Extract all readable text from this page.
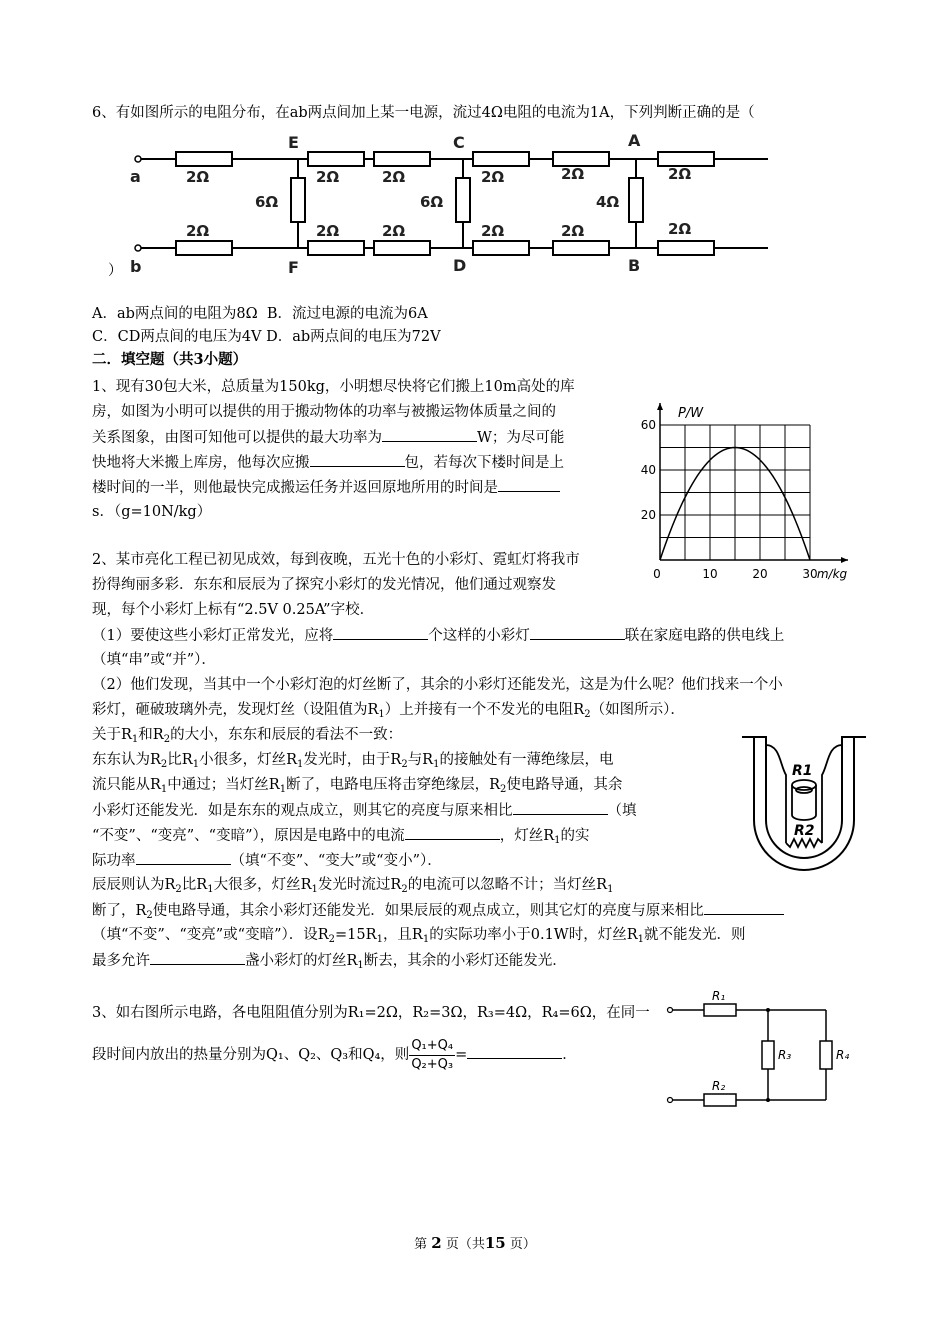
6、有如图所示的电阻分布，在ab两点间加上某一电源，流过4Ω电阻的电流为1A，下列判断正确的是（
a
b
E
F
C
D
A
B
2Ω	2Ω	2Ω	2Ω	2Ω	2Ω
2Ω	2Ω	2Ω	2Ω	2Ω	2Ω
6Ω	6Ω	4Ω
）
A．ab两点间的电阻为8Ω B．流过电源的电流为6A
C．CD两点间的电压为4V D．ab两点间的电压为72V
二．填空题（共3小题）
1、现有30包大米，总质量为150kg，小明想尽快将它们搬上10m高处的库
房，如图为小明可以提供的用于搬动物体的功率与被搬运物体质量之间的
关系图象，由图可知他可以提供的最大功率为	W；为尽可能
快地将大米搬上库房，他每次应搬	包，若每次下楼时间是上
楼时间的一半，则他最快完成搬运任务并返回原地所用的时间是
s．（g=10N/kg）
0	10	20	30
20
40
60
m/kg
P/W
2、某市亮化工程已初见成效，每到夜晚，五光十色的小彩灯、霓虹灯将我市
扮得绚丽多彩．东东和辰辰为了探究小彩灯的发光情况，他们通过观察发
现，每个小彩灯上标有“2.5V 0.25A”字校．
（1）要使这些小彩灯正常发光，应将	个这样的小彩灯	联在家庭电路的供电线上
（填“串”或“并”）．
（2）他们发现，当其中一个小彩灯泡的灯丝断了，其余的小彩灯还能发光，这是为什么呢？他们找来一个小
彩灯，砸破玻璃外壳，发现灯丝（设阻值为$R_1$）上并接有一个不发光的电阻$R_2$（如图所示）．
关于$R_1$和$R_2$的大小，东东和辰辰的看法不一致：
东东认为$R_2$比$R_1$小很多，灯丝$R_1$发光时，由于$R_2$与$R_1$的接触处有一薄绝缘层，电
流只能从$R_1$中通过；当灯丝$R_1$断了，电路电压将击穿绝缘层，$R_2$使电路导通，其余
小彩灯还能发光．如是东东的观点成立，则其它的亮度与原来相比	（填
“不变”、“变亮”、“变暗”），原因是电路中的电流	，灯丝$R_1$的实
际功率	（填“不变”、“变大”或“变小”）．
辰辰则认为$R_2$比$R_1$大很多，灯丝$R_1$发光时流过$R_2$的电流可以忽略不计；当灯丝$R_1$
断了，$R_2$使电路导通，其余小彩灯还能发光．如果辰辰的观点成立，则其它灯的亮度与原来相比
（填“不变”、“变亮”或“变暗”）．设$R_2=15R_1$，且$R_1$的实际功率小于0.1W时，灯丝$R_1$就不能发光．则
最多允许	盏小彩灯的灯丝$R_1$断去，其余的小彩灯还能发光．
R1
R2
3、如右图所示电路，各电阻阻值分别为R₁=2Ω，R₂=3Ω，R₃=4Ω，R₄=6Ω，在同一
段时间内放出的热量分别为Q₁、Q₂、Q₃和Q₄，则 $\frac{\text{Q₁+Q₄}}{\text{Q₂+Q₃}}$ =	．
R₁
R₂
R₃	R₄
第 2 页（共15 页）
